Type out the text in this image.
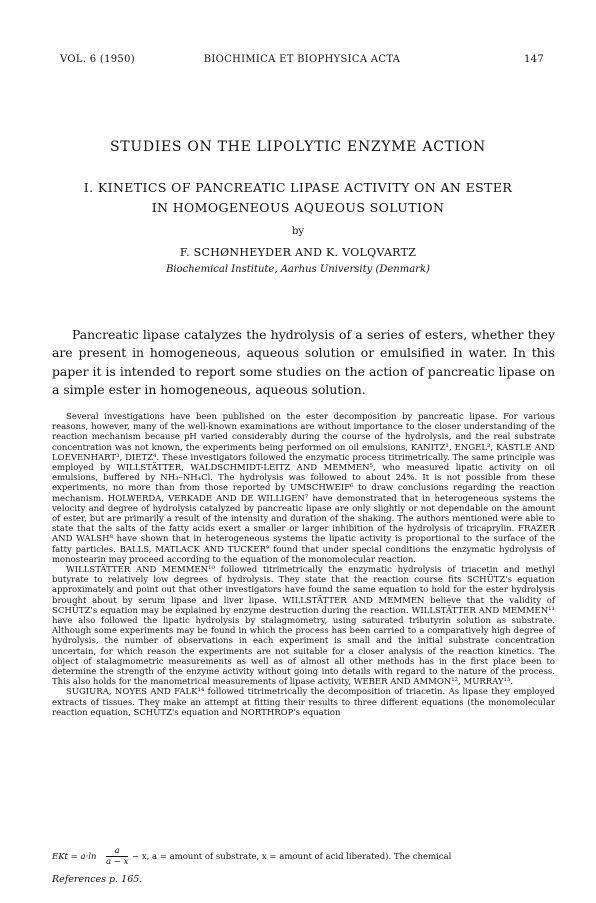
VOL. 6 (1950)	BIOCHIMICA ET BIOPHYSICA ACTA	147
STUDIES ON THE LIPOLYTIC ENZYME ACTION
I. KINETICS OF PANCREATIC LIPASE ACTIVITY ON AN ESTER
IN HOMOGENEOUS AQUEOUS SOLUTION
by
F. SCHØNHEYDER AND K. VOLQVARTZ
Biochemical Institute, Aarhus University (Denmark)

Pancreatic lipase catalyzes the hydrolysis of a series of esters, whether they are present in homogeneous, aqueous solution or emulsified in water. In this paper it is intended to report some studies on the action of pancreatic lipase on a simple ester in homogeneous, aqueous solution.

Several investigations have been published on the ester decomposition by pancreatic lipase. For various reasons, however, many of the well-known examinations are without importance to the closer understanding of the reaction mechanism because pH varied considerably during the course of the hydrolysis, and the real substrate concentration was not known, the experiments being performed on oil emulsions, KANITZ¹, ENGEL², KASTLE AND LOEVENHART³, DIETZ⁴. These investigators followed the enzymatic process titrimetrically. The same principle was employed by WILLSTÄTTER, WALDSCHMIDT-LEITZ AND MEMMEN⁵, who measured lipatic activity on oil emulsions, buffered by NH₃–NH₄Cl. The hydrolysis was followed to about 24%. It is not possible from these experiments, no more than from those reported by UMSCHWEIF⁶ to draw conclusions regarding the reaction mechanism. HOLWERDA, VERKADE AND DE WILLIGEN⁷ have demonstrated that in heterogeneous systems the velocity and degree of hydrolysis catalyzed by pancreatic lipase are only slightly or not dependable on the amount of ester, but are primarily a result of the intensity and duration of the shaking. The authors mentioned were able to state that the salts of the fatty acids exert a smaller or larger inhibition of the hydrolysis of tricaprylin. FRAZER AND WALSH⁸ have shown that in heterogeneous systems the lipatic activity is proportional to the surface of the fatty particles. BALLS, MATLACK AND TUCKER⁹ found that under special conditions the enzymatic hydrolysis of monostearin may proceed according to the equation of the monomolecular reaction.

WILLSTÄTTER AND MEMMEN¹⁰ followed titrimetrically the enzymatic hydrolysis of triacetin and methyl butyrate to relatively low degrees of hydrolysis. They state that the reaction course fits SCHÜTZ's equation approximately and point out that other investigators have found the same equation to hold for the ester hydrolysis brought about by serum lipase and liver lipase. WILLSTÄTTER AND MEMMEN believe that the validity of SCHÜTZ's equation may be explained by enzyme destruction during the reaction. WILLSTÄTTER AND MEMMEN¹¹ have also followed the lipatic hydrolysis by stalagmometry, using saturated tributyrin solution as substrate. Although some experiments may be found in which the process has been carried to a comparatively high degree of hydrolysis, the number of observations in each experiment is small and the initial substrate concentration uncertain, for which reason the experiments are not suitable for a closer analysis of the reaction kinetics. The object of stalagmometric measurements as well as of almost all other methods has in the first place been to determine the strength of the enzyme activity without going into details with regard to the nature of the process. This also holds for the manometrical measurements of lipase activity, WEBER AND AMMON¹², MURRAY¹³.

SUGIURA, NOYES AND FALK¹⁴ followed titrimetrically the decomposition of triacetin. As lipase they employed extracts of tissues. They make an attempt at fitting their results to three different equations (the monomolecular reaction equation, SCHÜTZ's equation and NORTHROP's equation

EKt = $a\cdot\ln \frac{a}{a - x} - x$, a = amount of substrate, x = amount of acid liberated). The chemical
References p. 165.
